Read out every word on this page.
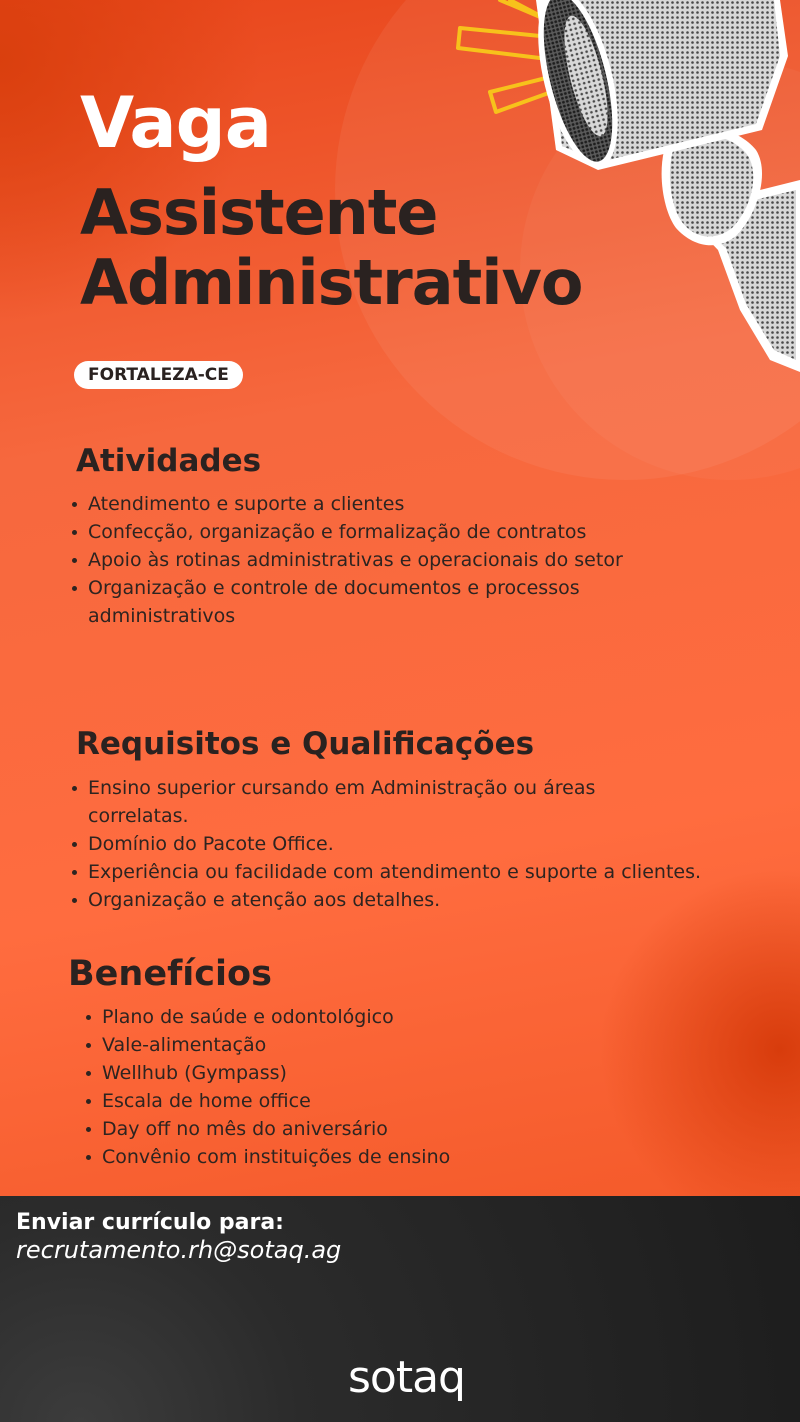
Vaga
Assistente
Administrativo
FORTALEZA-CE
Atividades
Atendimento e suporte a clientes
Confecção, organização e formalização de contratos
Apoio às rotinas administrativas e operacionais do setor
Organização e controle de documentos e processos administrativos
Requisitos e Qualificações
Ensino superior cursando em Administração ou áreas correlatas.
Domínio do Pacote Office.
Experiência ou facilidade com atendimento e suporte a clientes.
Organização e atenção aos detalhes.
Benefícios
Plano de saúde e odontológico
Vale-alimentação
Wellhub (Gympass)
Escala de home office
Day off no mês do aniversário
Convênio com instituições de ensino

Enviar currículo para:

recrutamento.rh@sotaq.ag

sotaq
